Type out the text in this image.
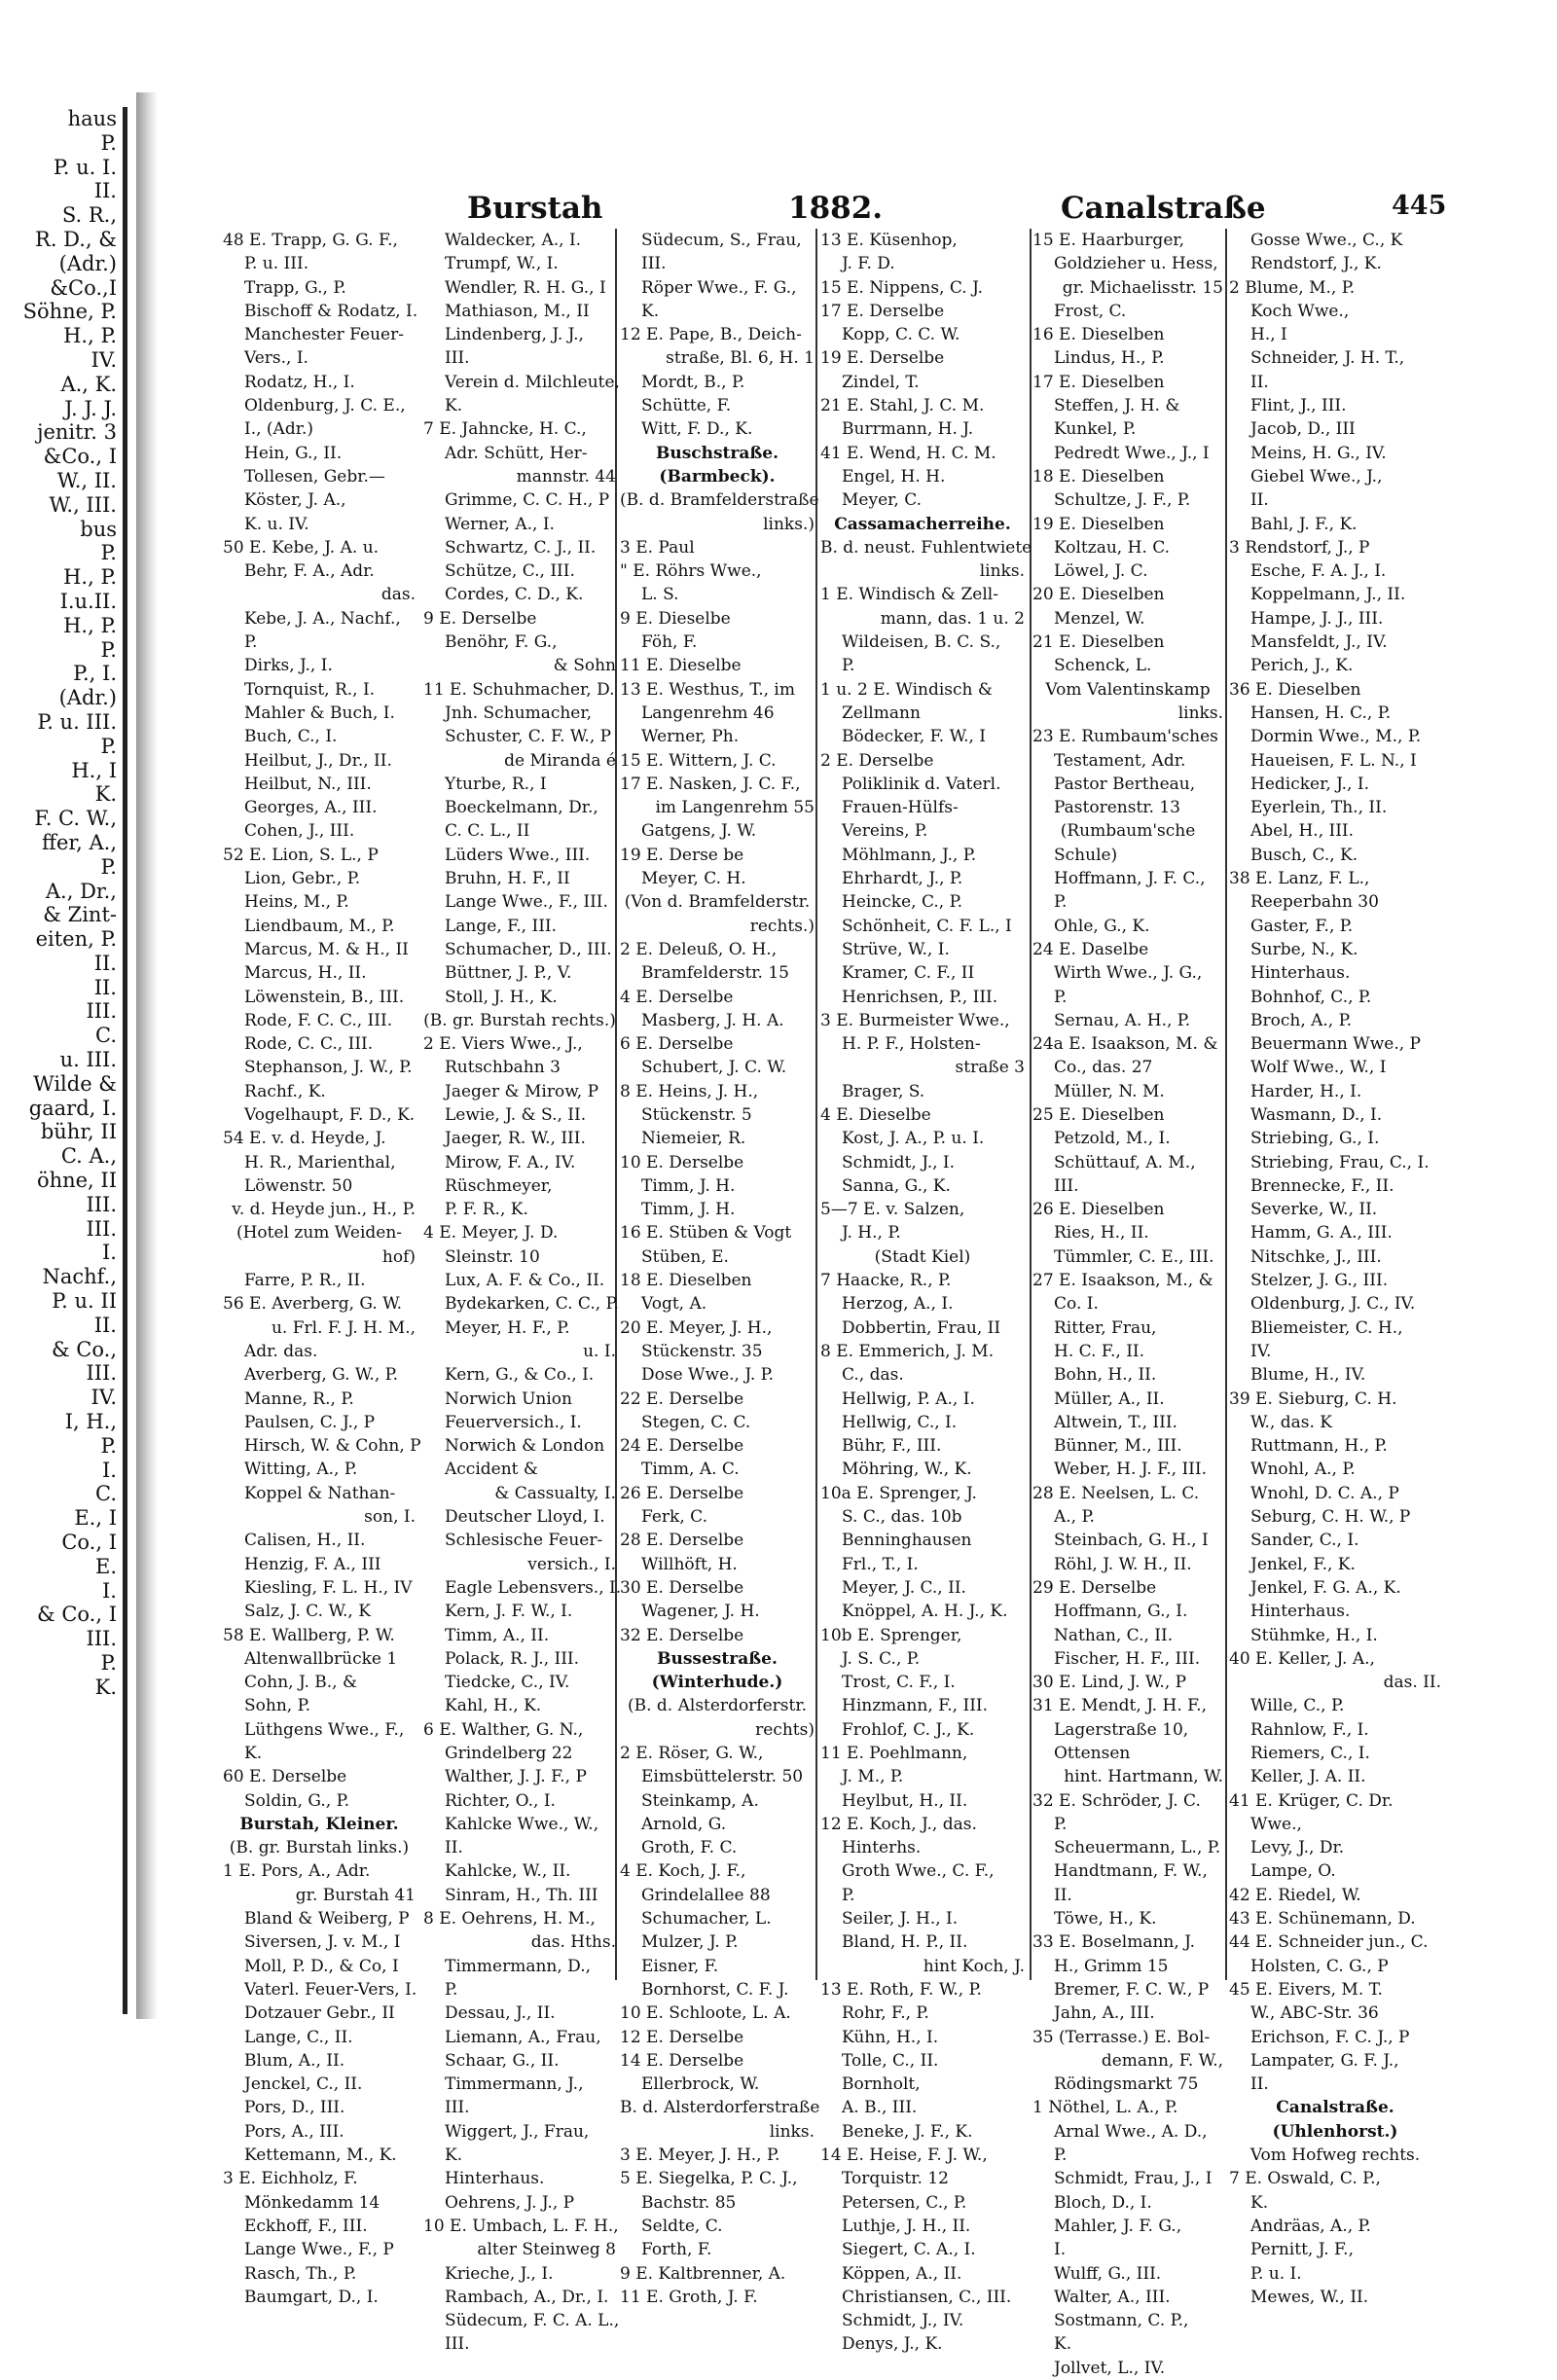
haus
P.
P. u. I.
II.
S. R.,
R. D., &
(Adr.)
&Co.,I
Söhne, P.
H., P.
IV.
A., K.
J. J. J.
jenitr. 3
&Co., I
W., II.
W., III.
bus
P.
H., P.
I.u.II.
H., P.
P.
P., I.
(Adr.)
P. u. III.
P.
H., I
K.
F. C. W.,
ffer, A.,
P.
A., Dr.,
& Zint-
eiten, P.
II.
II.
III.
C.
u. III.
Wilde &
gaard, I.
bühr, II
C. A.,
öhne, II
III.
III.
I.
Nachf.,
P. u. II
II.
& Co.,
III.
IV.
I, H.,
P.
I.
C.
E., I
Co., I
E.
I.
& Co., I
III.
P.
K.
Burstah	1882.	Canalstraße	445
48 E. Trapp, G. G. F.,
P. u. III.
Trapp, G., P.
Bischoff & Rodatz, I.
Manchester Feuer-
Vers., I.
Rodatz, H., I.
Oldenburg, J. C. E.,
I., (Adr.)
Hein, G., II.
Tollesen, Gebr.—
Köster, J. A.,
K. u. IV.
50 E. Kebe, J. A. u.
Behr, F. A., Adr.
das.
Kebe, J. A., Nachf.,
P.
Dirks, J., I.
Tornquist, R., I.
Mahler & Buch, I.
Buch, C., I.
Heilbut, J., Dr., II.
Heilbut, N., III.
Georges, A., III.
Cohen, J., III.
52 E. Lion, S. L., P
Lion, Gebr., P.
Heins, M., P.
Liendbaum, M., P.
Marcus, M. & H., II
Marcus, H., II.
Löwenstein, B., III.
Rode, F. C. C., III.
Rode, C. C., III.
Stephanson, J. W., P.
Rachf., K.
Vogelhaupt, F. D., K.
54 E. v. d. Heyde, J.
H. R., Marienthal,
Löwenstr. 50
v. d. Heyde jun., H., P.
(Hotel zum Weiden-
hof)
Farre, P. R., II.
56 E. Averberg, G. W.
u. Frl. F. J. H. M.,
Adr. das.
Averberg, G. W., P.
Manne, R., P.
Paulsen, C. J., P
Hirsch, W. & Cohn, P
Witting, A., P.
Koppel & Nathan-
son, I.
Calisen, H., II.
Henzig, F. A., III
Kiesling, F. L. H., IV
Salz, J. C. W., K
58 E. Wallberg, P. W.
Altenwallbrücke 1
Cohn, J. B., &
Sohn, P.
Lüthgens Wwe., F.,
K.
60 E. Derselbe
Soldin, G., P.
Burstah, Kleiner.
(B. gr. Burstah links.)
1 E. Pors, A., Adr.
gr. Burstah 41
Bland & Weiberg, P
Siversen, J. v. M., I
Moll, P. D., & Co, I
Vaterl. Feuer-Vers, I.
Dotzauer Gebr., II
Lange, C., II.
Blum, A., II.
Jenckel, C., II.
Pors, D., III.
Pors, A., III.
Kettemann, M., K.
3 E. Eichholz, F.
Mönkedamm 14
Eckhoff, F., III.
Lange Wwe., F., P
Rasch, Th., P.
Baumgart, D., I.
Waldecker, A., I.
Trumpf, W., I.
Wendler, R. H. G., I
Mathiason, M., II
Lindenberg, J. J.,
III.
Verein d. Milchleute,
K.
7 E. Jahncke, H. C.,
Adr. Schütt, Her-
mannstr. 44
Grimme, C. C. H., P
Werner, A., I.
Schwartz, C. J., II.
Schütze, C., III.
Cordes, C. D., K.
9 E. Derselbe
Benöhr, F. G.,
& Sohn
11 E. Schuhmacher, D.
Jnh. Schumacher,
Schuster, C. F. W., P
de Miranda é
Yturbe, R., I
Boeckelmann, Dr.,
C. C. L., II
Lüders Wwe., III.
Bruhn, H. F., II
Lange Wwe., F., III.
Lange, F., III.
Schumacher, D., III.
Büttner, J. P., V.
Stoll, J. H., K.
(B. gr. Burstah rechts.)
2 E. Viers Wwe., J.,
Rutschbahn 3
Jaeger & Mirow, P
Lewie, J. & S., II.
Jaeger, R. W., III.
Mirow, F. A., IV.
Rüschmeyer,
P. F. R., K.
4 E. Meyer, J. D.
Sleinstr. 10
Lux, A. F. & Co., II.
Bydekarken, C. C., P.
Meyer, H. F., P.
u. I.
Kern, G., & Co., I.
Norwich Union
Feuerversich., I.
Norwich & London
Accident &
& Cassualty, I.
Deutscher Lloyd, I.
Schlesische Feuer-
versich., I.
Eagle Lebensvers., I.
Kern, J. F. W., I.
Timm, A., II.
Polack, R. J., III.
Tiedcke, C., IV.
Kahl, H., K.
6 E. Walther, G. N.,
Grindelberg 22
Walther, J. J. F., P
Richter, O., I.
Kahlcke Wwe., W.,
II.
Kahlcke, W., II.
Sinram, H., Th. III
8 E. Oehrens, H. M.,
das. Hths.
Timmermann, D.,
P.
Dessau, J., II.
Liemann, A., Frau,
Schaar, G., II.
Timmermann, J.,
III.
Wiggert, J., Frau,
K.
Hinterhaus.
Oehrens, J. J., P
10 E. Umbach, L. F. H.,
alter Steinweg 8
Krieche, J., I.
Rambach, A., Dr., I.
Südecum, F. C. A. L.,
III.
Südecum, S., Frau,
III.
Röper Wwe., F. G.,
K.
12 E. Pape, B., Deich-
straße, Bl. 6, H. 1
Mordt, B., P.
Schütte, F.
Witt, F. D., K.
Buschstraße.
(Barmbeck).
(B. d. Bramfelderstraße
links.)
3 E. Paul
" E. Röhrs Wwe.,
L. S.
9 E. Dieselbe
Föh, F.
11 E. Dieselbe
13 E. Westhus, T., im
Langenrehm 46
Werner, Ph.
15 E. Wittern, J. C.
17 E. Nasken, J. C. F.,
im Langenrehm 55
Gatgens, J. W.
19 E. Derse be
Meyer, C. H.
(Von d. Bramfelderstr.
rechts.)
2 E. Deleuß, O. H.,
Bramfelderstr. 15
4 E. Derselbe
Masberg, J. H. A.
6 E. Derselbe
Schubert, J. C. W.
8 E. Heins, J. H.,
Stückenstr. 5
Niemeier, R.
10 E. Derselbe
Timm, J. H.
Timm, J. H.
16 E. Stüben & Vogt
Stüben, E.
18 E. Dieselben
Vogt, A.
20 E. Meyer, J. H.,
Stückenstr. 35
Dose Wwe., J. P.
22 E. Derselbe
Stegen, C. C.
24 E. Derselbe
Timm, A. C.
26 E. Derselbe
Ferk, C.
28 E. Derselbe
Willhöft, H.
30 E. Derselbe
Wagener, J. H.
32 E. Derselbe
Bussestraße.
(Winterhude.)
(B. d. Alsterdorferstr.
rechts)
2 E. Röser, G. W.,
Eimsbüttelerstr. 50
Steinkamp, A.
Arnold, G.
Groth, F. C.
4 E. Koch, J. F.,
Grindelallee 88
Schumacher, L.
Mulzer, J. P.
Eisner, F.
Bornhorst, C. F. J.
10 E. Schloote, L. A.
12 E. Derselbe
14 E. Derselbe
Ellerbrock, W.
B. d. Alsterdorferstraße
links.
3 E. Meyer, J. H., P.
5 E. Siegelka, P. C. J.,
Bachstr. 85
Seldte, C.
Forth, F.
9 E. Kaltbrenner, A.
11 E. Groth, J. F.
13 E. Küsenhop,
J. F. D.
15 E. Nippens, C. J.
17 E. Derselbe
Kopp, C. C. W.
19 E. Derselbe
Zindel, T.
21 E. Stahl, J. C. M.
Burrmann, H. J.
41 E. Wend, H. C. M.
Engel, H. H.
Meyer, C.
Cassamacherreihe.
B. d. neust. Fuhlentwiete
links.
1 E. Windisch & Zell-
mann, das. 1 u. 2
Wildeisen, B. C. S.,
P.
1 u. 2 E. Windisch &
Zellmann
Bödecker, F. W., I
2 E. Derselbe
Poliklinik d. Vaterl.
Frauen-Hülfs-
Vereins, P.
Möhlmann, J., P.
Ehrhardt, J., P.
Heincke, C., P.
Schönheit, C. F. L., I
Strüve, W., I.
Kramer, C. F., II
Henrichsen, P., III.
3 E. Burmeister Wwe.,
H. P. F., Holsten-
straße 3
Brager, S.
4 E. Dieselbe
Kost, J. A., P. u. I.
Schmidt, J., I.
Sanna, G., K.
5—7 E. v. Salzen,
J. H., P.
(Stadt Kiel)
7 Haacke, R., P.
Herzog, A., I.
Dobbertin, Frau, II
8 E. Emmerich, J. M.
C., das.
Hellwig, P. A., I.
Hellwig, C., I.
Bühr, F., III.
Möhring, W., K.
10a E. Sprenger, J.
S. C., das. 10b
Benninghausen
Frl., T., I.
Meyer, J. C., II.
Knöppel, A. H. J., K.
10b E. Sprenger,
J. S. C., P.
Trost, C. F., I.
Hinzmann, F., III.
Frohlof, C. J., K.
11 E. Poehlmann,
J. M., P.
Heylbut, H., II.
12 E. Koch, J., das.
Hinterhs.
Groth Wwe., C. F.,
P.
Seiler, J. H., I.
Bland, H. P., II.
hint Koch, J.
13 E. Roth, F. W., P.
Rohr, F., P.
Kühn, H., I.
Tolle, C., II.
Bornholt,
A. B., III.
Beneke, J. F., K.
14 E. Heise, F. J. W.,
Torquistr. 12
Petersen, C., P.
Luthje, J. H., II.
Siegert, C. A., I.
Köppen, A., II.
Christiansen, C., III.
Schmidt, J., IV.
Denys, J., K.
15 E. Haarburger,
Goldzieher u. Hess,
gr. Michaelisstr. 15
Frost, C.
16 E. Dieselben
Lindus, H., P.
17 E. Dieselben
Steffen, J. H. &
Kunkel, P.
Pedredt Wwe., J., I
18 E. Dieselben
Schultze, J. F., P.
19 E. Dieselben
Koltzau, H. C.
Löwel, J. C.
20 E. Dieselben
Menzel, W.
21 E. Dieselben
Schenck, L.
Vom Valentinskamp
links.
23 E. Rumbaum'sches
Testament, Adr.
Pastor Bertheau,
Pastorenstr. 13
(Rumbaum'sche
Schule)
Hoffmann, J. F. C.,
P.
Ohle, G., K.
24 E. Daselbe
Wirth Wwe., J. G.,
P.
Sernau, A. H., P.
24a E. Isaakson, M. &
Co., das. 27
Müller, N. M.
25 E. Dieselben
Petzold, M., I.
Schüttauf, A. M.,
III.
26 E. Dieselben
Ries, H., II.
Tümmler, C. E., III.
27 E. Isaakson, M., &
Co. I.
Ritter, Frau,
H. C. F., II.
Bohn, H., II.
Müller, A., II.
Altwein, T., III.
Bünner, M., III.
Weber, H. J. F., III.
28 E. Neelsen, L. C.
A., P.
Steinbach, G. H., I
Röhl, J. W. H., II.
29 E. Derselbe
Hoffmann, G., I.
Nathan, C., II.
Fischer, H. F., III.
30 E. Lind, J. W., P
31 E. Mendt, J. H. F.,
Lagerstraße 10,
Ottensen
hint. Hartmann, W.
32 E. Schröder, J. C.
P.
Scheuermann, L., P.
Handtmann, F. W.,
II.
Töwe, H., K.
33 E. Boselmann, J.
H., Grimm 15
Bremer, F. C. W., P
Jahn, A., III.
35 (Terrasse.) E. Bol-
demann, F. W.,
Rödingsmarkt 75
1 Nöthel, L. A., P.
Arnal Wwe., A. D.,
P.
Schmidt, Frau, J., I
Bloch, D., I.
Mahler, J. F. G.,
I.
Wulff, G., III.
Walter, A., III.
Sostmann, C. P.,
K.
Jollvet, L., IV.
Gosse Wwe., C., K
Rendstorf, J., K.
2 Blume, M., P.
Koch Wwe.,
H., I
Schneider, J. H. T.,
II.
Flint, J., III.
Jacob, D., III
Meins, H. G., IV.
Giebel Wwe., J.,
II.
Bahl, J. F., K.
3 Rendstorf, J., P
Esche, F. A. J., I.
Koppelmann, J., II.
Hampe, J. J., III.
Mansfeldt, J., IV.
Perich, J., K.
36 E. Dieselben
Hansen, H. C., P.
Dormin Wwe., M., P.
Haueisen, F. L. N., I
Hedicker, J., I.
Eyerlein, Th., II.
Abel, H., III.
Busch, C., K.
38 E. Lanz, F. L.,
Reeperbahn 30
Gaster, F., P.
Surbe, N., K.
Hinterhaus.
Bohnhof, C., P.
Broch, A., P.
Beuermann Wwe., P
Wolf Wwe., W., I
Harder, H., I.
Wasmann, D., I.
Striebing, G., I.
Striebing, Frau, C., I.
Brennecke, F., II.
Severke, W., II.
Hamm, G. A., III.
Nitschke, J., III.
Stelzer, J. G., III.
Oldenburg, J. C., IV.
Bliemeister, C. H.,
IV.
Blume, H., IV.
39 E. Sieburg, C. H.
W., das. K
Ruttmann, H., P.
Wnohl, A., P.
Wnohl, D. C. A., P
Seburg, C. H. W., P
Sander, C., I.
Jenkel, F., K.
Jenkel, F. G. A., K.
Hinterhaus.
Stühmke, H., I.
40 E. Keller, J. A.,
das. II.
Wille, C., P.
Rahnlow, F., I.
Riemers, C., I.
Keller, J. A. II.
41 E. Krüger, C. Dr.
Wwe.,
Levy, J., Dr.
Lampe, O.
42 E. Riedel, W.
43 E. Schünemann, D.
44 E. Schneider jun., C.
Holsten, C. G., P
45 E. Eivers, M. T.
W., ABC-Str. 36
Erichson, F. C. J., P
Lampater, G. F. J.,
II.
Canalstraße.
(Uhlenhorst.)
Vom Hofweg rechts.
7 E. Oswald, C. P.,
K.
Andräas, A., P.
Pernitt, J. F.,
P. u. I.
Mewes, W., II.
